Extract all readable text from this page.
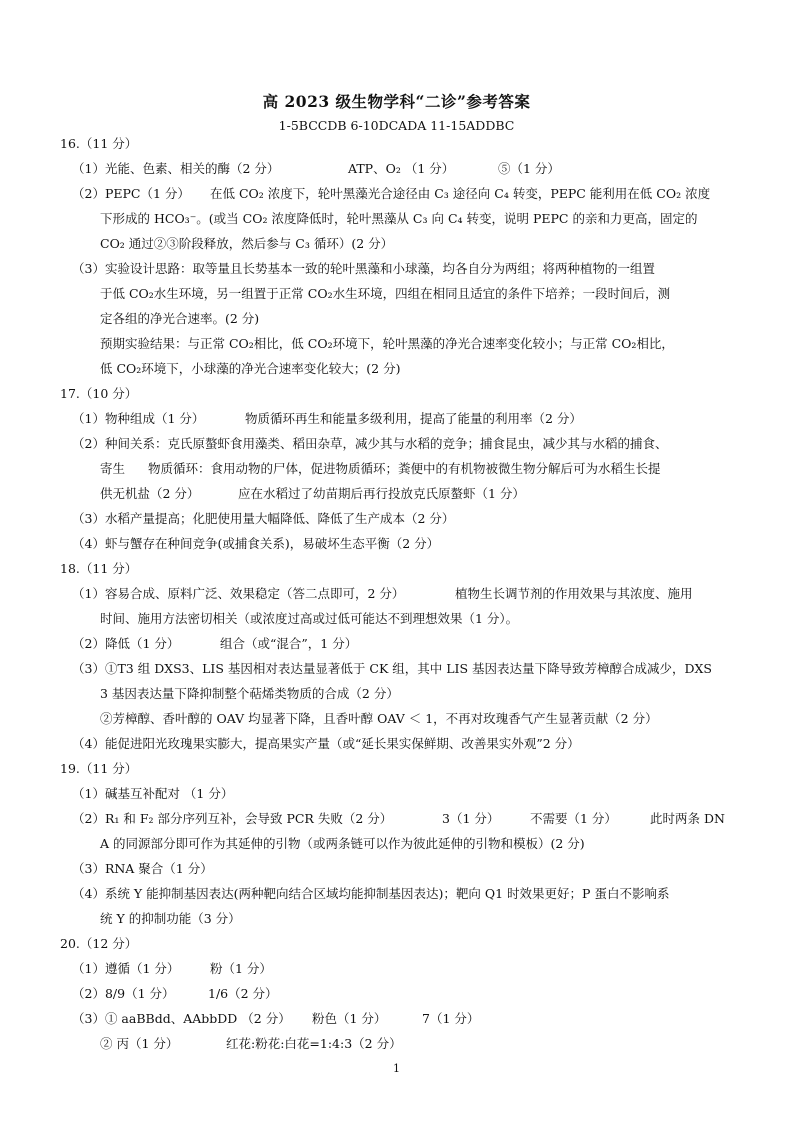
高 2023 级生物学科“二诊”参考答案
1-5BCCDB 6-10DCADA 11-15ADDBC
16.（11 分）
（1）光能、色素、相关的酶（2 分）	ATP、O₂ （1 分）	⑤（1 分）
（2）PEPC（1 分） 在低 CO₂ 浓度下，轮叶黑藻光合途径由 C₃ 途径向 C₄ 转变，PEPC 能利用在低 CO₂ 浓度
下形成的 HCO₃⁻。(或当 CO₂ 浓度降低时，轮叶黑藻从 C₃ 向 C₄ 转变，说明 PEPC 的亲和力更高，固定的
CO₂ 通过②③阶段释放，然后参与 C₃ 循环）(2 分）
（3）实验设计思路：取等量且长势基本一致的轮叶黑藻和小球藻，均各自分为两组；将两种植物的一组置
于低 CO₂水生环境，另一组置于正常 CO₂水生环境，四组在相同且适宜的条件下培养；一段时间后，测
定各组的净光合速率。(2 分)
预期实验结果：与正常 CO₂相比，低 CO₂环境下，轮叶黑藻的净光合速率变化较小；与正常 CO₂相比，
低 CO₂环境下，小球藻的净光合速率变化较大；(2 分)
17.（10 分）
（1）物种组成（1 分）	物质循环再生和能量多级利用，提高了能量的利用率（2 分）
（2）种间关系：克氏原螯虾食用藻类、稻田杂草，减少其与水稻的竞争；捕食昆虫，减少其与水稻的捕食、
寄生 物质循环：食用动物的尸体，促进物质循环；粪便中的有机物被微生物分解后可为水稻生长提
供无机盐（2 分）	应在水稻过了幼苗期后再行投放克氏原螯虾（1 分）
（3）水稻产量提高；化肥使用量大幅降低、降低了生产成本（2 分）
（4）虾与蟹存在种间竞争(或捕食关系)，易破坏生态平衡（2 分）
18.（11 分）
（1）容易合成、原料广泛、效果稳定（答二点即可，2 分）	植物生长调节剂的作用效果与其浓度、施用
时间、施用方法密切相关（或浓度过高或过低可能达不到理想效果（1 分）。
（2）降低（1 分）	组合（或“混合”，1 分）
（3）①T3 组 DXS3、LIS 基因相对表达量显著低于 CK 组，其中 LIS 基因表达量下降导致芳樟醇合成减少，DXS
3 基因表达量下降抑制整个萜烯类物质的合成（2 分）
②芳樟醇、香叶醇的 OAV 均显著下降，且香叶醇 OAV ＜ 1，不再对玫瑰香气产生显著贡献（2 分）
（4）能促进阳光玫瑰果实膨大，提高果实产量（或“延长果实保鲜期、改善果实外观”2 分）
19.（11 分）
（1）碱基互补配对 （1 分）
（2）R₁ 和 F₂ 部分序列互补，会导致 PCR 失败（2 分）	3（1 分） 不需要（1 分）	此时两条 DN
A 的同源部分即可作为其延伸的引物（或两条链可以作为彼此延伸的引物和模板）(2 分)
（3）RNA 聚合（1 分）
（4）系统 Y 能抑制基因表达(两种靶向结合区域均能抑制基因表达)；靶向 Q1 时效果更好；P 蛋白不影响系
统 Y 的抑制功能（3 分）
20.（12 分）
（1）遵循（1 分） 粉（1 分）
（2）8/9（1 分）	1/6（2 分）
（3）① aaBBdd、AAbbDD （2 分） 粉色（1 分）	7（1 分）
② 丙（1 分）	红花:粉花:白花=1:4:3（2 分）
1
